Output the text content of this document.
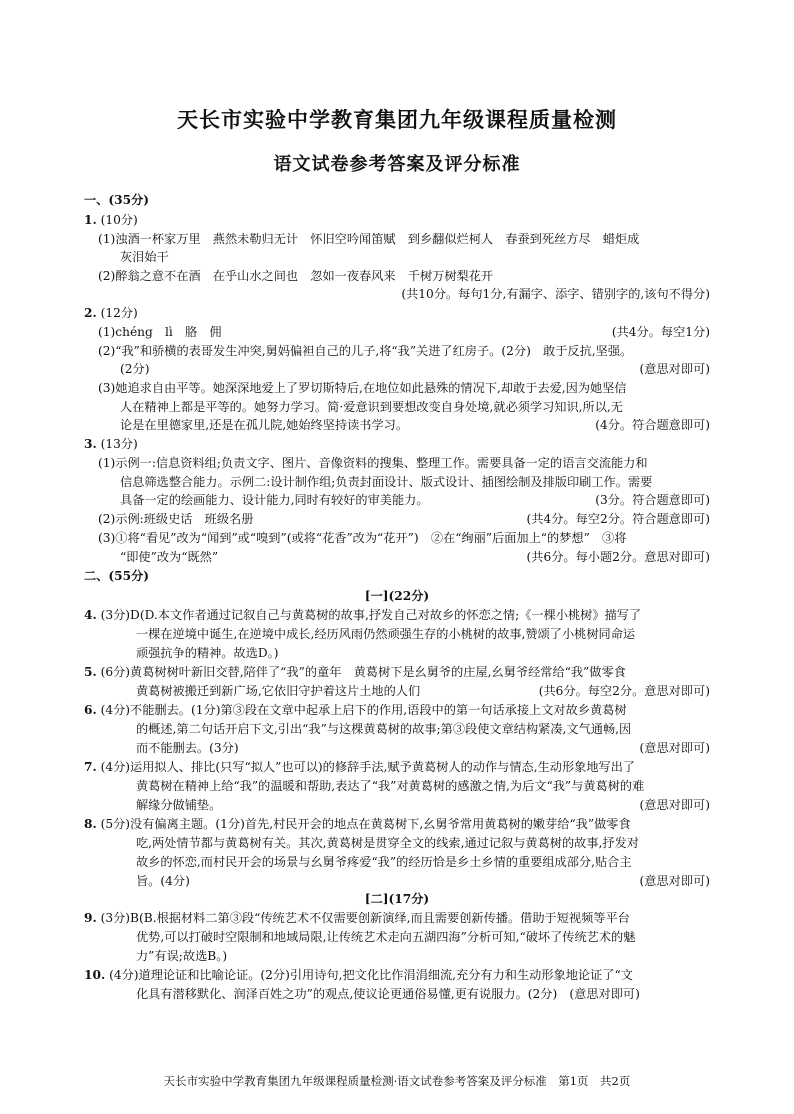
天长市实验中学教育集团九年级课程质量检测
语文试卷参考答案及评分标准
一、(35分)
1. (10分)
(1)浊酒一杯家万里　燕然未勒归无计　怀旧空吟闻笛赋　到乡翻似烂柯人　春蚕到死丝方尽　蜡炬成
灰泪始干
(2)醉翁之意不在酒　在乎山水之间也　忽如一夜春风来　千树万树梨花开
(共10分。每句1分,有漏字、添字、错别字的,该句不得分)
2. (12分)
(1)chéng　lì　胳　佣	(共4分。每空1分)
(2)“我”和骄横的表哥发生冲突,舅妈偏袒自己的儿子,将“我”关进了红房子。(2分)　敢于反抗,坚强。
(2分)	(意思对即可)
(3)她追求自由平等。她深深地爱上了罗切斯特后,在地位如此悬殊的情况下,却敢于去爱,因为她坚信
人在精神上都是平等的。她努力学习。简·爱意识到要想改变自身处境,就必须学习知识,所以,无
论是在里德家里,还是在孤儿院,她始终坚持读书学习。	(4分。符合题意即可)
3. (13分)
(1)示例一:信息资料组;负责文字、图片、音像资料的搜集、整理工作。需要具备一定的语言交流能力和
信息筛选整合能力。示例二:设计制作组;负责封面设计、版式设计、插图绘制及排版印刷工作。需要
具备一定的绘画能力、设计能力,同时有较好的审美能力。	(3分。符合题意即可)
(2)示例:班级史话　班级名册	(共4分。每空2分。符合题意即可)
(3)①将“看见”改为“闻到”或“嗅到”(或将“花香”改为“花开”)　②在“绚丽”后面加上“的梦想”　③将
“即使”改为“既然”	(共6分。每小题2分。意思对即可)
二、(55分)
[一](22分)
4. (3分)D(D.本文作者通过记叙自己与黄葛树的故事,抒发自己对故乡的怀恋之情;《一棵小桃树》描写了
一棵在逆境中诞生,在逆境中成长,经历风雨仍然顽强生存的小桃树的故事,赞颂了小桃树同命运
顽强抗争的精神。故选D。)
5. (6分)黄葛树树叶新旧交替,陪伴了“我”的童年　黄葛树下是幺舅爷的庄屋,幺舅爷经常给“我”做零食
黄葛树被搬迁到新广场,它依旧守护着这片土地的人们	(共6分。每空2分。意思对即可)
6. (4分)不能删去。(1分)第③段在文章中起承上启下的作用,语段中的第一句话承接上文对故乡黄葛树
的概述,第二句话开启下文,引出“我”与这棵黄葛树的故事;第③段使文章结构紧凑,文气通畅,因
而不能删去。(3分)	(意思对即可)
7. (4分)运用拟人、排比(只写“拟人”也可以)的修辞手法,赋予黄葛树人的动作与情态,生动形象地写出了
黄葛树在精神上给“我”的温暖和帮助,表达了“我”对黄葛树的感激之情,为后文“我”与黄葛树的难
解缘分做铺垫。	(意思对即可)
8. (5分)没有偏离主题。(1分)首先,村民开会的地点在黄葛树下,幺舅爷常用黄葛树的嫩芽给“我”做零食
吃,两处情节都与黄葛树有关。其次,黄葛树是贯穿全文的线索,通过记叙与黄葛树的故事,抒发对
故乡的怀恋,而村民开会的场景与幺舅爷疼爱“我”的经历恰是乡土乡情的重要组成部分,贴合主
旨。(4分)	(意思对即可)
[二](17分)
9. (3分)B(B.根据材料二第③段“传统艺术不仅需要创新演绎,而且需要创新传播。借助于短视频等平台
优势,可以打破时空限制和地域局限,让传统艺术走向五湖四海”分析可知,“破坏了传统艺术的魅
力”有误;故选B。)
10. (4分)道理论证和比喻论证。(2分)引用诗句,把文化比作涓涓细流,充分有力和生动形象地论证了“文
化具有潜移默化、润泽百姓之功”的观点,使议论更通俗易懂,更有说服力。(2分)　(意思对即可)
天长市实验中学教育集团九年级课程质量检测·语文试卷参考答案及评分标准　第1页　共2页
